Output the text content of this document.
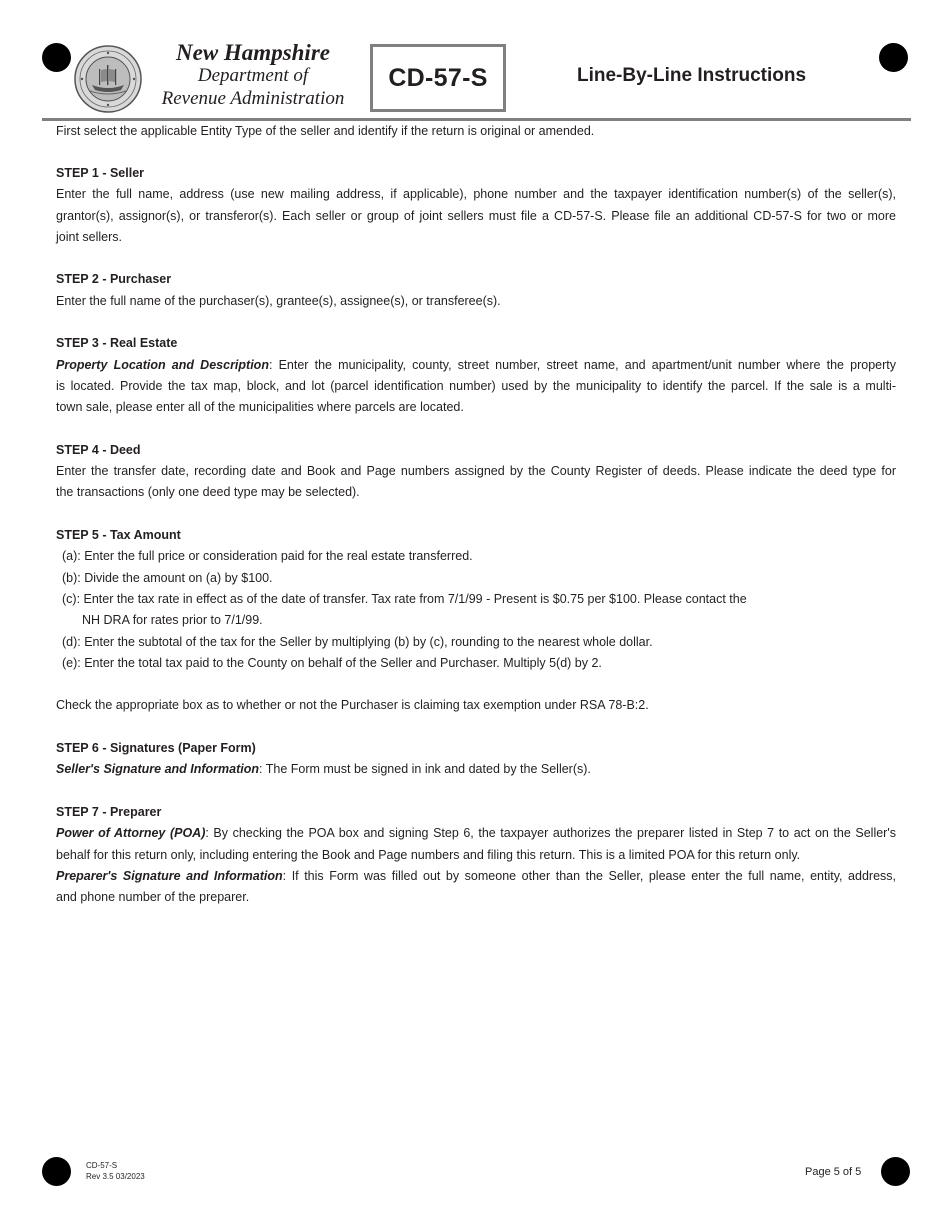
New Hampshire
Department of
Revenue Administration
CD-57-S	Line-By-Line Instructions
First select the applicable Entity Type of the seller and identify if the return is original or amended.
STEP 1 - Seller
Enter the full name, address (use new mailing address, if applicable), phone number and the taxpayer identification number(s) of the seller(s),
grantor(s), assignor(s), or transferor(s). Each seller or group of joint sellers must file a CD-57-S. Please file an additional CD-57-S for two or more
joint sellers.
STEP 2 - Purchaser
Enter the full name of the purchaser(s), grantee(s), assignee(s), or transferee(s).
STEP 3 - Real Estate
Property Location and Description: Enter the municipality, county, street number, street name, and apartment/unit number where the property
is located. Provide the tax map, block, and lot (parcel identification number) used by the municipality to identify the parcel. If the sale is a multi-
town sale, please enter all of the municipalities where parcels are located.
STEP 4 - Deed
Enter the transfer date, recording date and Book and Page numbers assigned by the County Register of deeds. Please indicate the deed type for
the transactions (only one deed type may be selected).
STEP 5 - Tax Amount
(a): Enter the full price or consideration paid for the real estate transferred.
(b): Divide the amount on (a) by $100.
(c): Enter the tax rate in effect as of the date of transfer. Tax rate from 7/1/99 - Present is $0.75 per $100. Please contact the
NH DRA for rates prior to 7/1/99.
(d): Enter the subtotal of the tax for the Seller by multiplying (b) by (c), rounding to the nearest whole dollar.
(e): Enter the total tax paid to the County on behalf of the Seller and Purchaser. Multiply 5(d) by 2.
Check the appropriate box as to whether or not the Purchaser is claiming tax exemption under RSA 78-B:2.
STEP 6 - Signatures (Paper Form)
Seller's Signature and Information: The Form must be signed in ink and dated by the Seller(s).
STEP 7 - Preparer
Power of Attorney (POA): By checking the POA box and signing Step 6, the taxpayer authorizes the preparer listed in Step 7 to act on the Seller's
behalf for this return only, including entering the Book and Page numbers and filing this return. This is a limited POA for this return only.
Preparer's Signature and Information: If this Form was filled out by someone other than the Seller, please enter the full name, entity, address,
and phone number of the preparer.
CD-57-S
Rev 3.5 03/2023	Page 5 of 5
